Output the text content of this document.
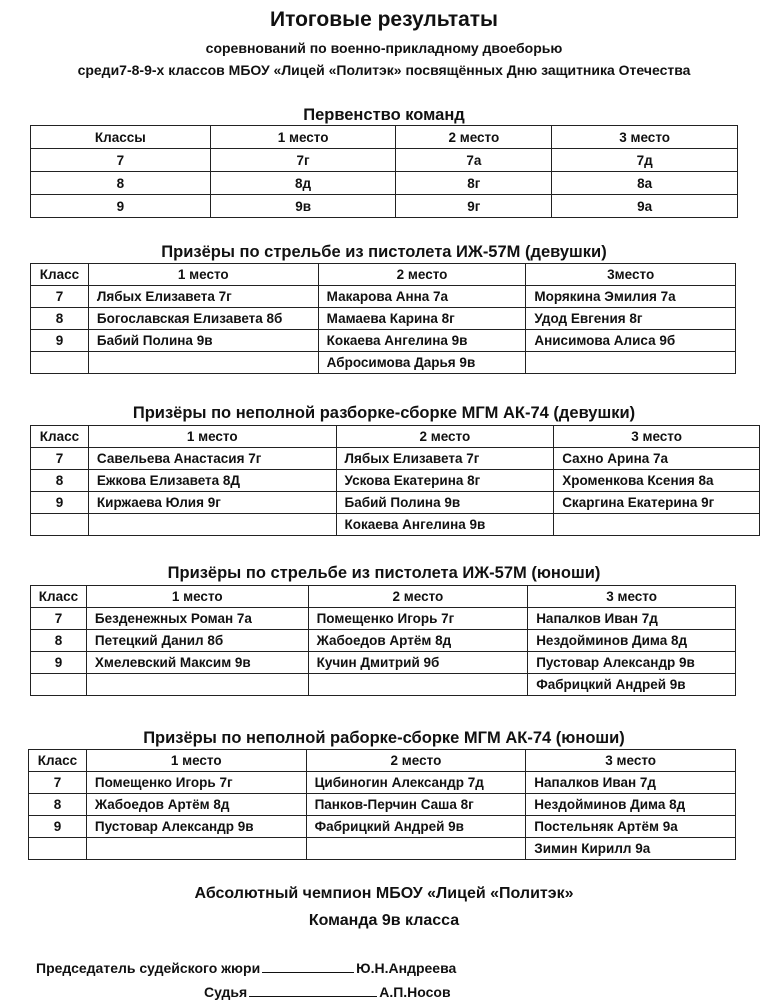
Итоговые результаты
соревнований по военно-прикладному двоеборью
среди7-8-9-х классов МБОУ «Лицей «Политэк» посвящённых Дню защитника Отечества
Первенство команд
Классы	1 место	2 место	3 место
7	7г	7а	7д
8	8д	8г	8а
9	9в	9г	9а
Призёры по стрельбе из пистолета ИЖ-57М (девушки)
Класс	1 место	2 место	3место
7	Лябых Елизавета 7г	Макарова Анна 7а	Морякина Эмилия 7а
8	Богославская Елизавета 8б	Мамаева Карина 8г	Удод Евгения 8г
9	Бабий Полина 9в	Кокаева Ангелина 9в	Анисимова Алиса 9б
		Абросимова Дарья 9в	
Призёры по неполной разборке-сборке МГМ АК-74 (девушки)
Класс	1 место	2 место	3 место
7	Савельева Анастасия 7г	Лябых Елизавета 7г	Сахно Арина 7а
8	Ежкова Елизавета 8Д	Ускова Екатерина 8г	Хроменкова Ксения 8а
9	Киржаева Юлия 9г	Бабий Полина 9в	Скаргина Екатерина 9г
		Кокаева Ангелина 9в	
Призёры по стрельбе из пистолета ИЖ-57М (юноши)
Класс	1 место	2 место	3 место
7	Безденежных Роман 7а	Помещенко Игорь 7г	Напалков Иван 7д
8	Петецкий Данил 8б	Жабоедов Артём 8д	Нездойминов Дима 8д
9	Хмелевский Максим 9в	Кучин Дмитрий 9б	Пустовар Александр 9в
			Фабрицкий Андрей 9в
Призёры по неполной раборке-сборке МГМ АК-74 (юноши)
Класс	1 место	2 место	3 место
7	Помещенко Игорь 7г	Цибиногин Александр 7д	Напалков Иван 7д
8	Жабоедов Артём 8д	Панков-Перчин Саша 8г	Нездойминов Дима 8д
9	Пустовар Александр 9в	Фабрицкий Андрей 9в	Постельняк Артём 9а
			Зимин Кирилл 9а
Абсолютный чемпион МБОУ «Лицей «Политэк»
Команда 9в класса
Председатель судейского жюри	Ю.Н.Андреева
Судья	А.П.Носов
